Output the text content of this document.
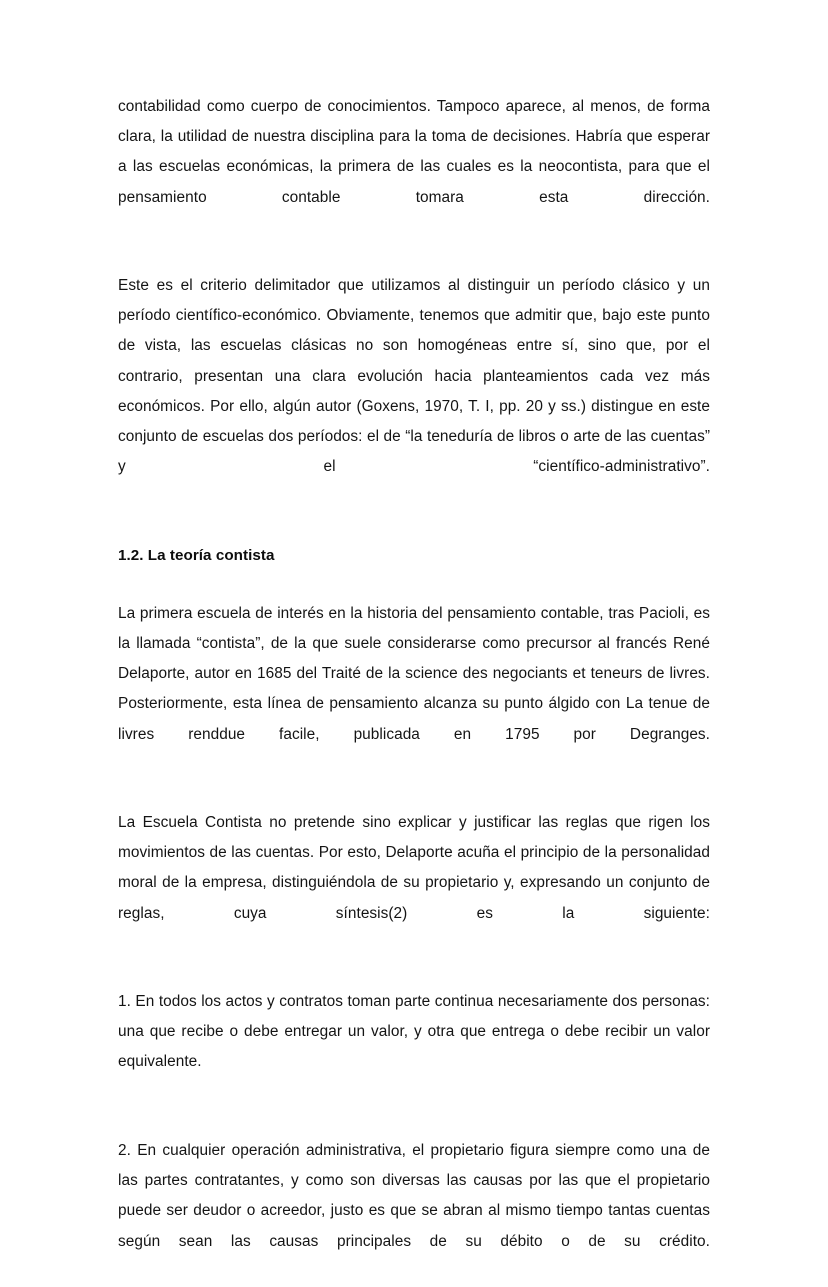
contabilidad como cuerpo de conocimientos. Tampoco aparece, al menos, de forma clara, la utilidad de nuestra disciplina para la toma de decisiones. Habría que esperar a las escuelas económicas, la primera de las cuales es la neocontista, para que el pensamiento contable tomara esta dirección.

Este es el criterio delimitador que utilizamos al distinguir un período clásico y un período científico-económico. Obviamente, tenemos que admitir que, bajo este punto de vista, las escuelas clásicas no son homogéneas entre sí, sino que, por el contrario, presentan una clara evolución hacia planteamientos cada vez más económicos. Por ello, algún autor (Goxens, 1970, T. I, pp. 20 y ss.) distingue en este conjunto de escuelas dos períodos: el de “la teneduría de libros o arte de las cuentas” y el “científico-administrativo”.

1.2. La teoría contista

La primera escuela de interés en la historia del pensamiento contable, tras Pacioli, es la llamada “contista”, de la que suele considerarse como precursor al francés René Delaporte, autor en 1685 del Traité de la science des negociants et teneurs de livres. Posteriormente, esta línea de pensamiento alcanza su punto álgido con La tenue de livres renddue facile, publicada en 1795 por Degranges.

La Escuela Contista no pretende sino explicar y justificar las reglas que rigen los movimientos de las cuentas. Por esto, Delaporte acuña el principio de la personalidad moral de la empresa, distinguiéndola de su propietario y, expresando un conjunto de reglas, cuya síntesis(2) es la siguiente:

1. En todos los actos y contratos toman parte continua necesariamente dos personas: una que recibe o debe entregar un valor, y otra que entrega o debe recibir un valor equivalente.

2. En cualquier operación administrativa, el propietario figura siempre como una de las partes contratantes, y como son diversas las causas por las que el propietario puede ser deudor o acreedor, justo es que se abran al mismo tiempo tantas cuentas según sean las causas principales de su débito o de su crédito.
